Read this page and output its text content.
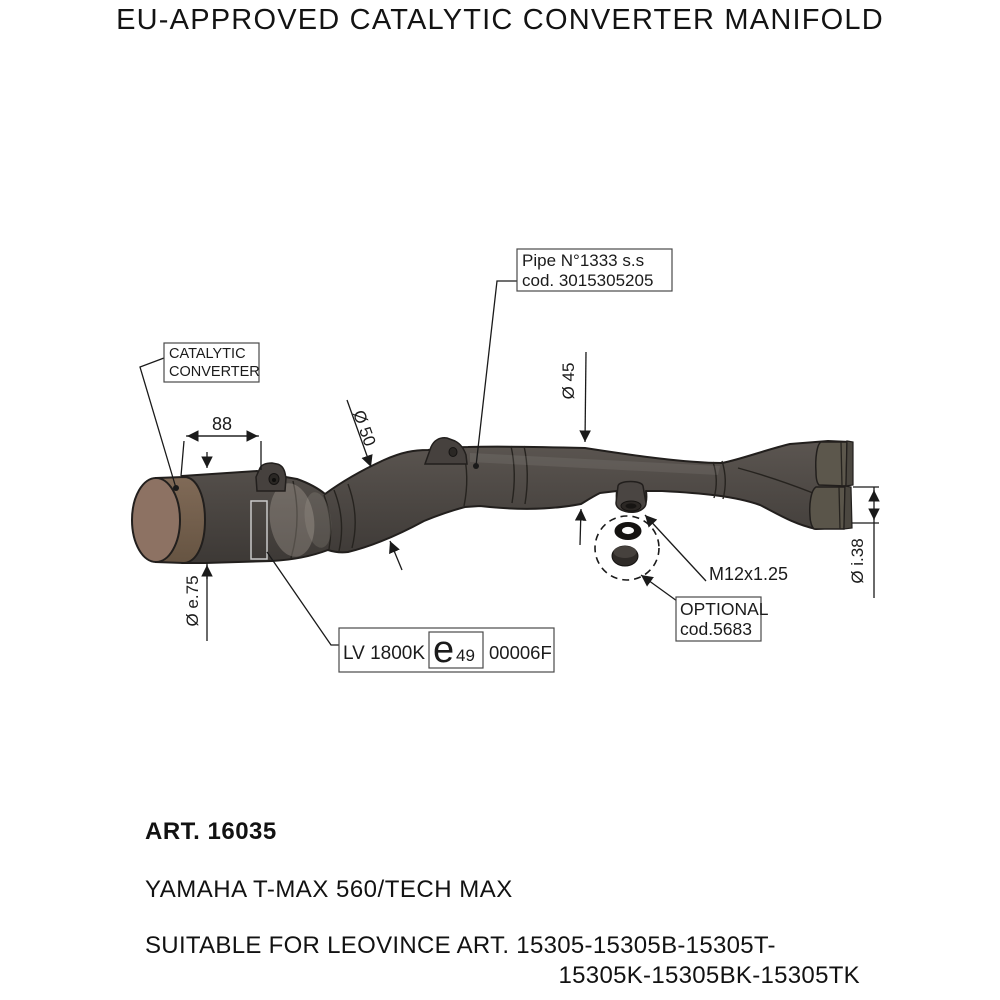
EU-APPROVED CATALYTIC CONVERTER MANIFOLD
88
Ø e.75
Ø 50
Ø 45
Ø i.38
Pipe N°1333 s.s
cod. 3015305205
CATALYTIC
CONVERTER
OPTIONAL
cod.5683
M12x1.25
LV 1800K e 49 00006F
ART. 16035
YAMAHA T-MAX 560/TECH MAX
SUITABLE FOR LEOVINCE ART. 15305-15305B-15305T-
15305K-15305BK-15305TK
